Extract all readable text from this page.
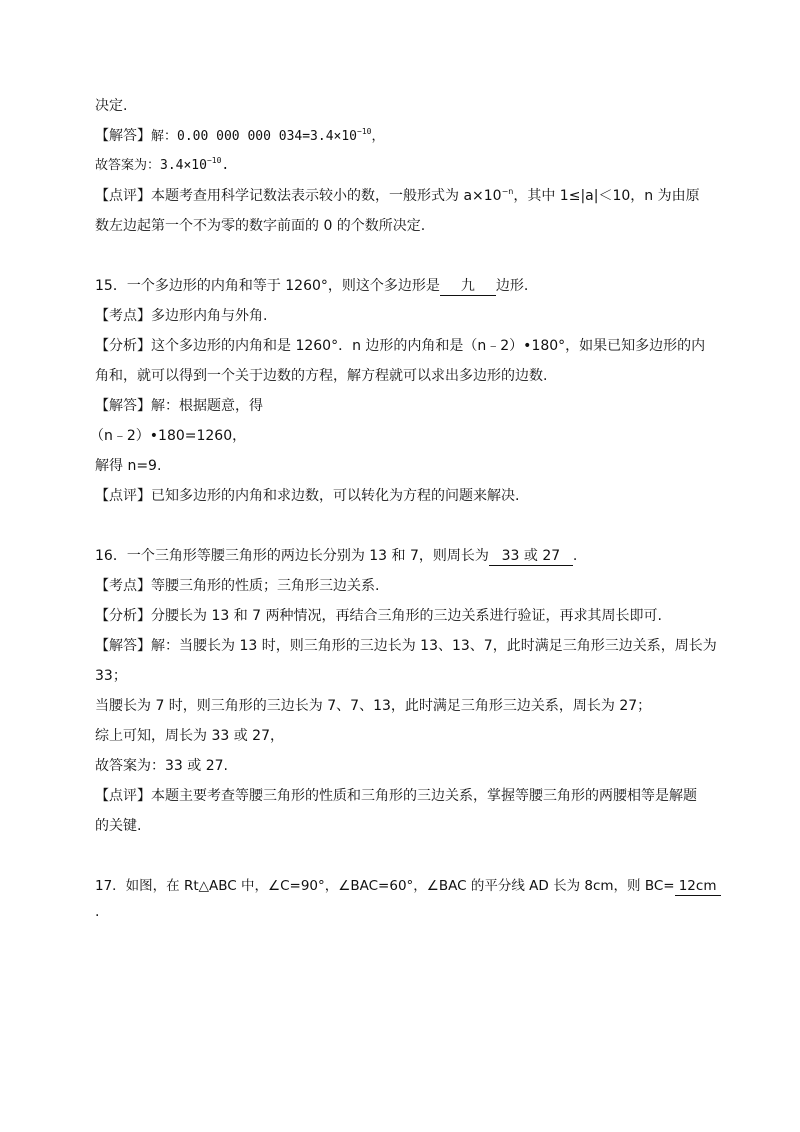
决定.
【解答】解：0.00 000 000 $034=3.4\times 10^{-10}$，
故答案为：$3.4\times 10^{-10}$.
【点评】本题考查用科学记数法表示较小的数，一般形式为 $a\times 10^{-n}$，其中 1≤|a|＜10，n 为由原
数左边起第一个不为零的数字前面的 0 的个数所决定.
15．一个多边形的内角和等于 1260°，则这个多边形是 九 边形.
【考点】多边形内角与外角.
【分析】这个多边形的内角和是 1260°．n 边形的内角和是（n﹣2）•180°，如果已知多边形的内
角和，就可以得到一个关于边数的方程，解方程就可以求出多边形的边数.
【解答】解：根据题意，得
（n﹣2）•180=1260，
解得 n=9.
【点评】已知多边形的内角和求边数，可以转化为方程的问题来解决.
16．一个三角形等腰三角形的两边长分别为 13 和 7，则周长为 33 或 27 .
【考点】等腰三角形的性质；三角形三边关系.
【分析】分腰长为 13 和 7 两种情况，再结合三角形的三边关系进行验证，再求其周长即可.
【解答】解：当腰长为 13 时，则三角形的三边长为 13、13、7，此时满足三角形三边关系，周长为
33；
当腰长为 7 时，则三角形的三边长为 7、7、13，此时满足三角形三边关系，周长为 27；
综上可知，周长为 33 或 27，
故答案为：33 或 27.
【点评】本题主要考查等腰三角形的性质和三角形的三边关系，掌握等腰三角形的两腰相等是解题
的关键.
17．如图，在 Rt△ABC 中，∠C=90°，∠BAC=60°，∠BAC 的平分线 AD 长为 8cm，则 BC= 12cm
.
